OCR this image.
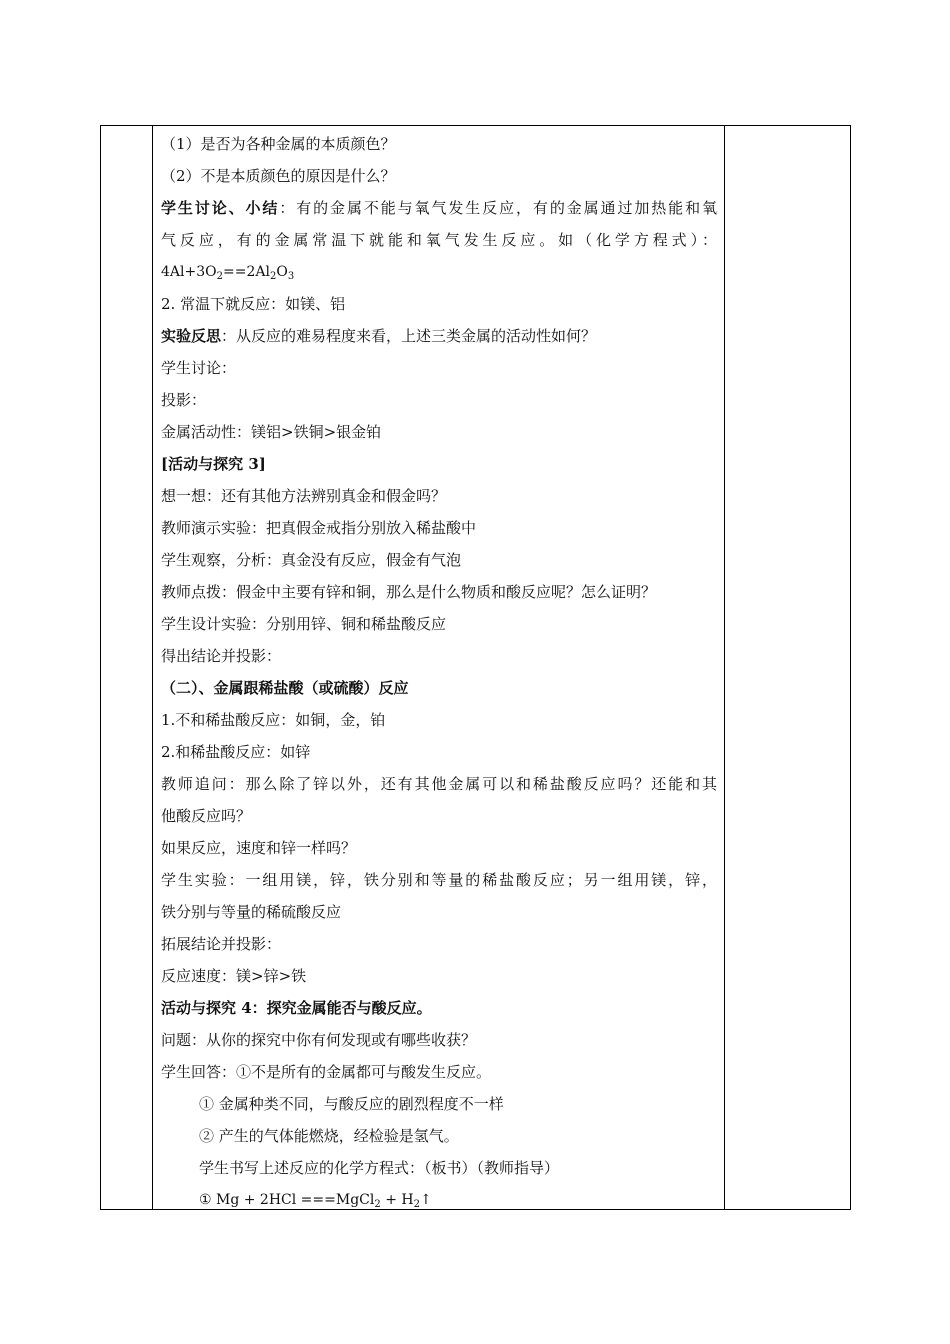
（1）是否为各种金属的本质颜色？
（2）不是本质颜色的原因是什么？
学生讨论、小结：有的金属不能与氧气发生反应，有的金属通过加热能和氧
气反应，有的金属常温下就能和氧气发生反应。如（化学方程式）：
$4Al+3O_2==2Al_2O_3$
2. 常温下就反应：如镁、铝
实验反思：从反应的难易程度来看，上述三类金属的活动性如何？
学生讨论：
投影：
金属活动性：镁铝>铁铜>银金铂
[活动与探究 3]
想一想：还有其他方法辨别真金和假金吗？
教师演示实验：把真假金戒指分别放入稀盐酸中
学生观察，分析：真金没有反应，假金有气泡
教师点拨：假金中主要有锌和铜，那么是什么物质和酸反应呢？怎么证明？
学生设计实验：分别用锌、铜和稀盐酸反应
得出结论并投影：
（二）、金属跟稀盐酸（或硫酸）反应
1.不和稀盐酸反应：如铜，金，铂
2.和稀盐酸反应：如锌
教师追问：那么除了锌以外，还有其他金属可以和稀盐酸反应吗？还能和其
他酸反应吗？
如果反应，速度和锌一样吗？
学生实验：一组用镁，锌，铁分别和等量的稀盐酸反应；另一组用镁，锌，
铁分别与等量的稀硫酸反应
拓展结论并投影：
反应速度：镁>锌>铁
活动与探究 4：探究金属能否与酸反应。
问题：从你的探究中你有何发现或有哪些收获？
学生回答：①不是所有的金属都可与酸发生反应。
① 金属种类不同，与酸反应的剧烈程度不一样
② 产生的气体能燃烧，经检验是氢气。
学生书写上述反应的化学方程式：（板书）（教师指导）
① Mg + 2HCl ===MgCl$_2$ + $H_2↑$
